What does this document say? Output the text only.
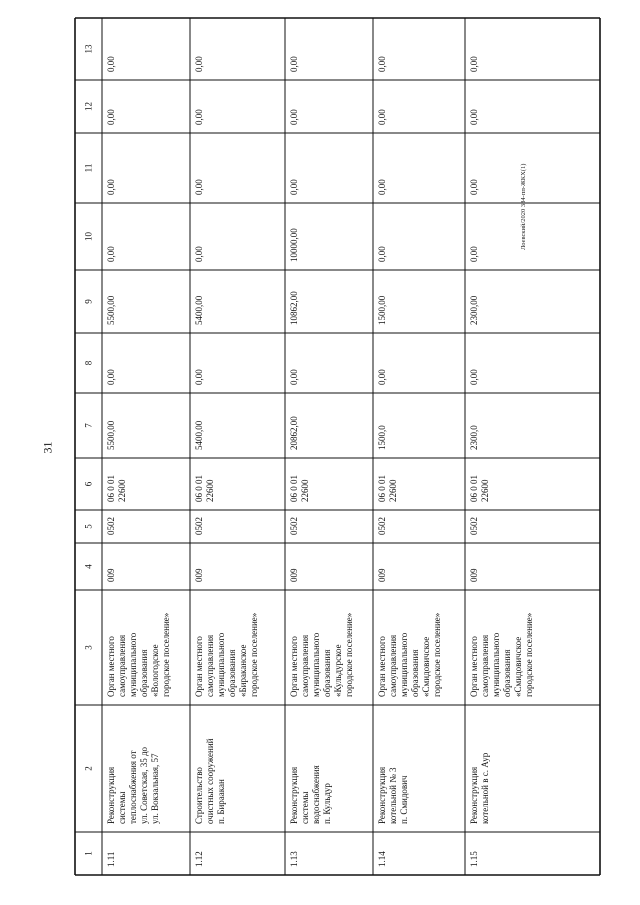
31
Лоевский/2020 384-пп-ЖКХ(1)
1
2
3
4
5
6
7
8
9
10
11
12
13
1.11
Реконструкциясистемытеплоснабжения отул. Советская, 35 доул. Вокзальная, 57
Орган местногосамоуправлениямуниципальногообразования«Вологодскоегородское поселение»
009
0502
06 0 0122600
5500,00
0,00
5500,00
0,00
0,00
0,00
0,00
1.12
Строительствоочистных сооруженийп. Бираакан
Орган местногосамоуправлениямуниципальногообразования«Бираканскоегородское поселение»
009
0502
06 0 0122600
5400,00
0,00
5400,00
0,00
0,00
0,00
0,00
1.13
Реконструкциясистемыводоснабженияп. Кульдур
Орган местногосамоуправлениямуниципальногообразования«Кульдурскоегородское поселение»
009
0502
06 0 0122600
20862,00
0,00
10862,00
10000,00
0,00
0,00
0,00
1.14
Реконструкциякотельной № 3п. Смидович
Орган местногосамоуправлениямуниципальногообразования«Смидовичскоегородское поселение»
009
0502
06 0 0122600
1500,0
0,00
1500,00
0,00
0,00
0,00
0,00
1.15
Реконструкциякотельной в с. Аур
Орган местногосамоуправлениямуниципальногообразования«Смидовичскоегородское поселение»
009
0502
06 0 0122600
2300,0
0,00
2300,00
0,00
0,00
0,00
0,00
